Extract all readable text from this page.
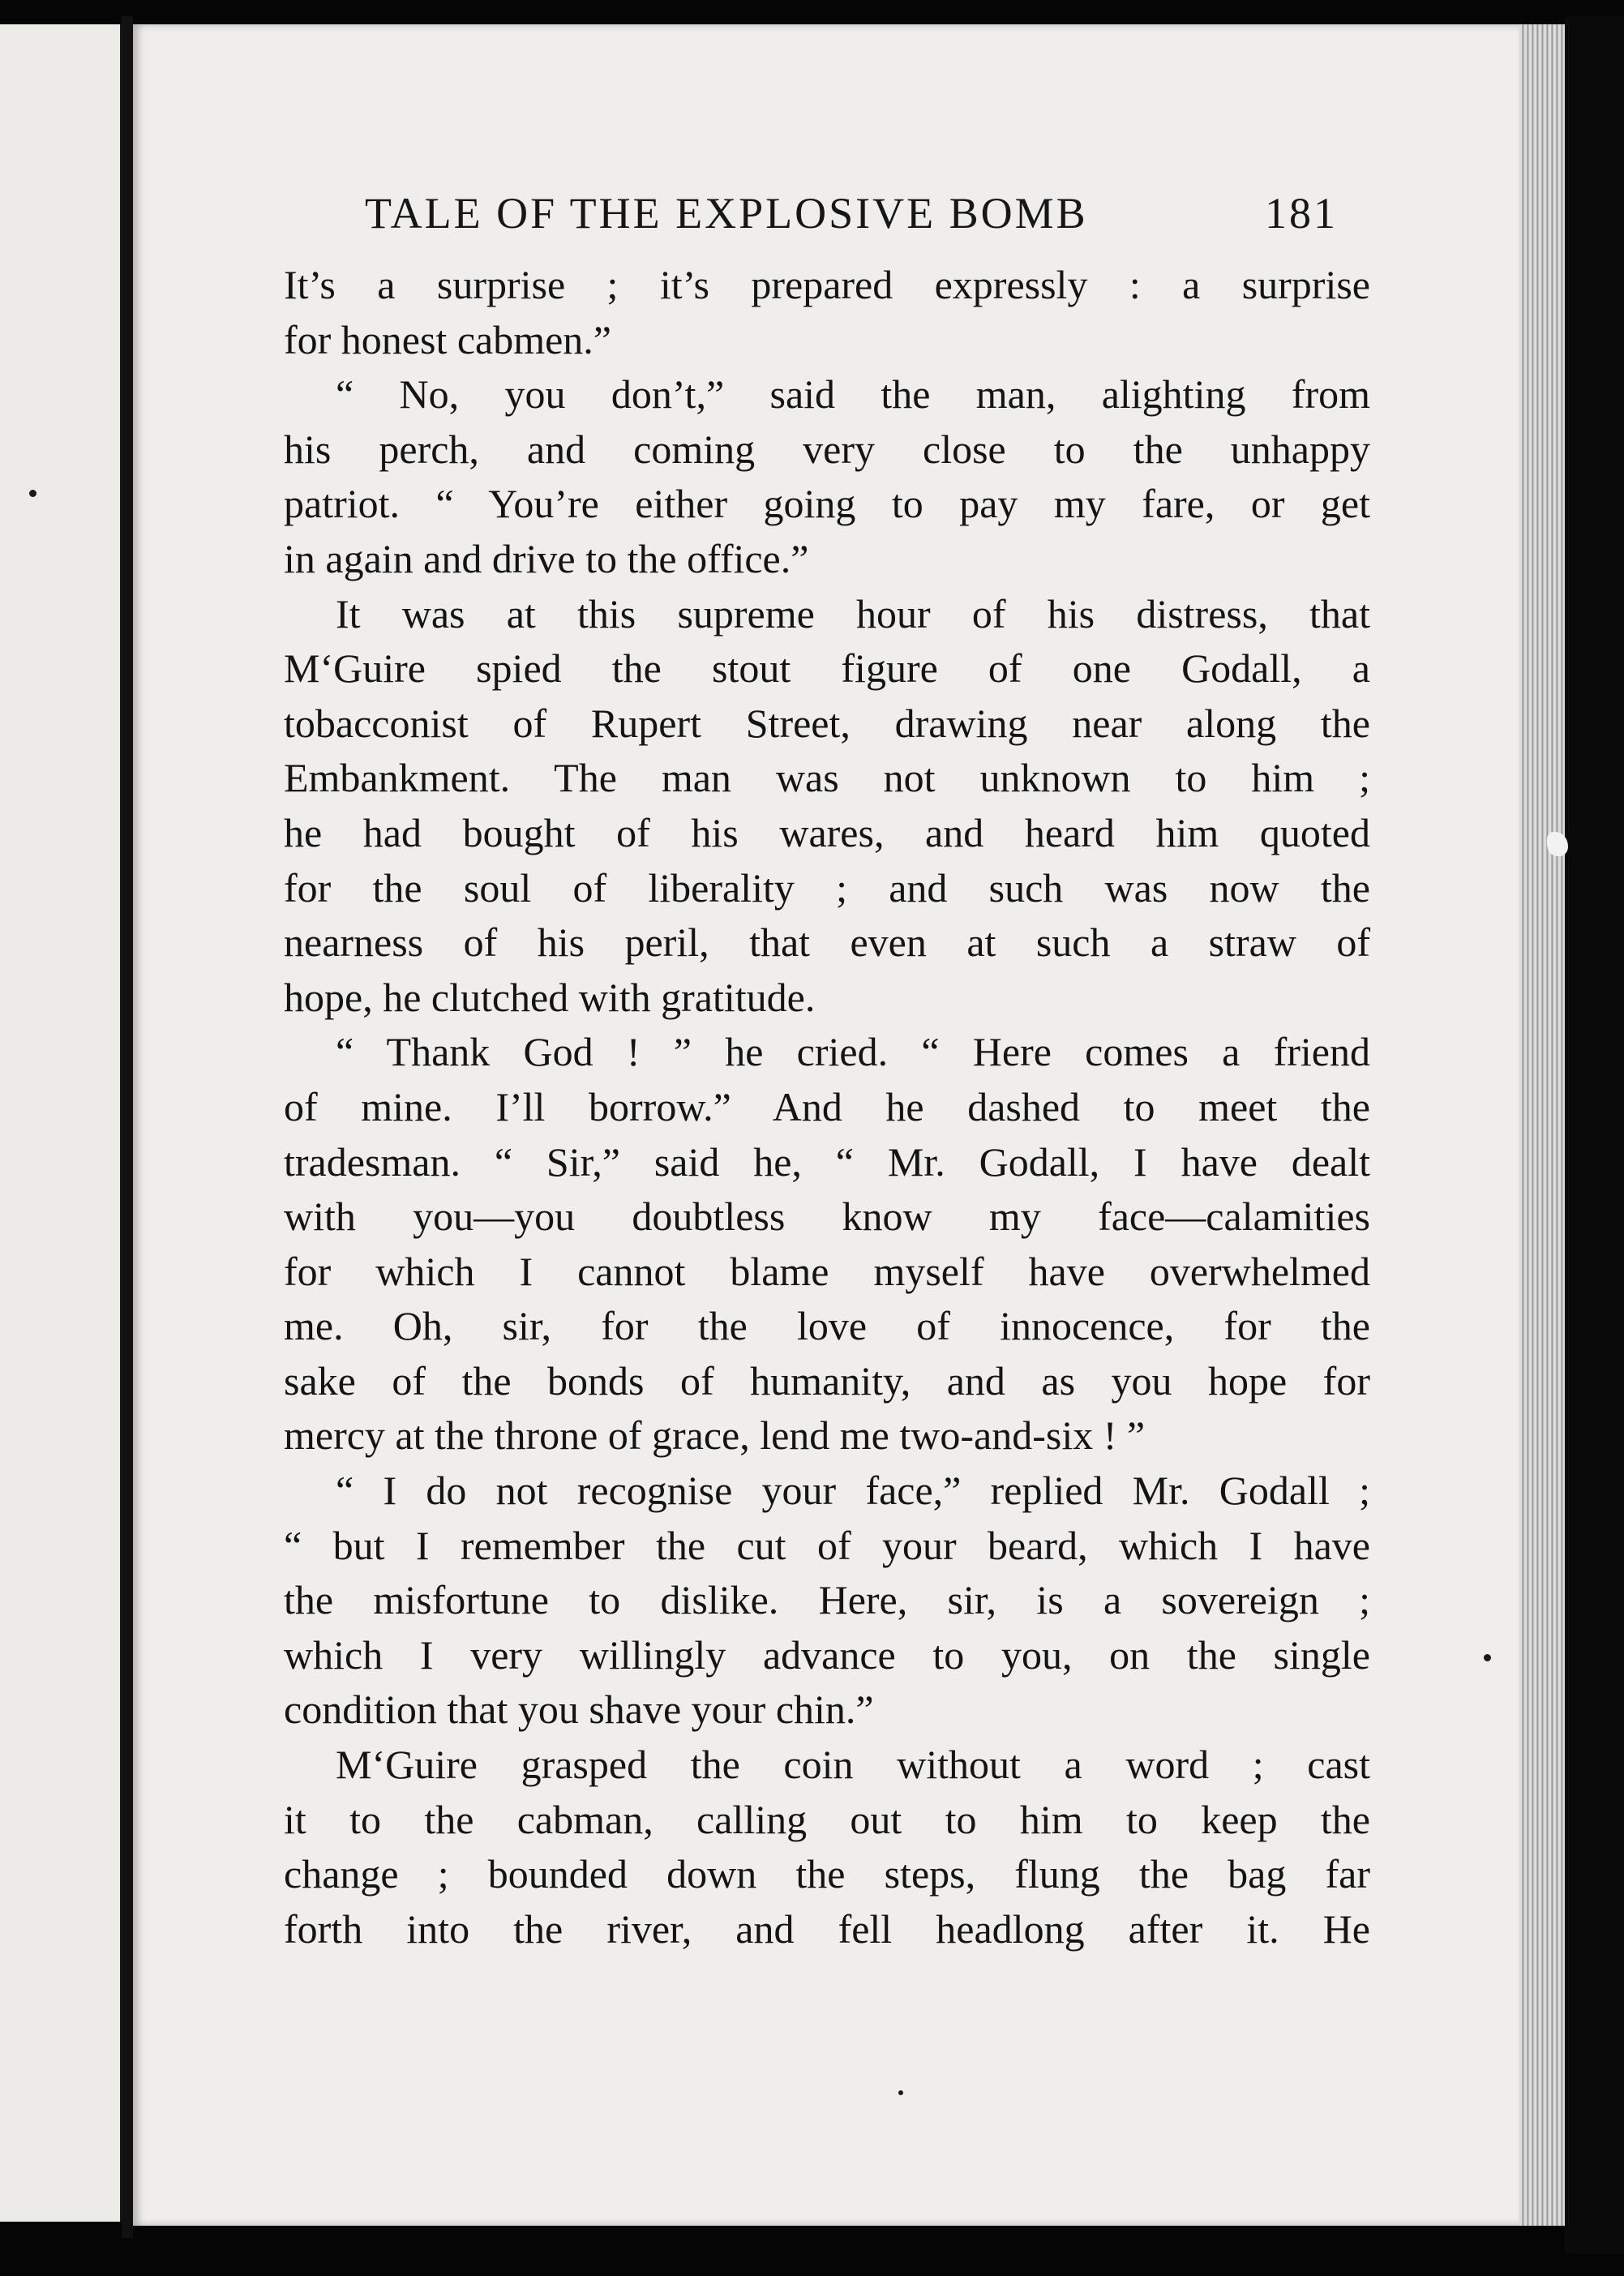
TALE OF THE EXPLOSIVE BOMB	181
It’s a surprise ; it’s prepared expressly : a surprise
for honest cabmen.”
“ No, you don’t,” said the man, alighting from
his perch, and coming very close to the unhappy
patriot. “ You’re either going to pay my fare, or get
in again and drive to the office.”
It was at this supreme hour of his distress, that
M‘Guire spied the stout figure of one Godall, a
tobacconist of Rupert Street, drawing near along the
Embankment. The man was not unknown to him ;
he had bought of his wares, and heard him quoted
for the soul of liberality ; and such was now the
nearness of his peril, that even at such a straw of
hope, he clutched with gratitude.
“ Thank God ! ” he cried. “ Here comes a friend
of mine. I’ll borrow.” And he dashed to meet the
tradesman. “ Sir,” said he, “ Mr. Godall, I have dealt
with you—you doubtless know my face—calamities
for which I cannot blame myself have overwhelmed
me. Oh, sir, for the love of innocence, for the
sake of the bonds of humanity, and as you hope for
mercy at the throne of grace, lend me two-and-six ! ”
“ I do not recognise your face,” replied Mr. Godall ;
“ but I remember the cut of your beard, which I have
the misfortune to dislike. Here, sir, is a sovereign ;
which I very willingly advance to you, on the single
condition that you shave your chin.”
M‘Guire grasped the coin without a word ; cast
it to the cabman, calling out to him to keep the
change ; bounded down the steps, flung the bag far
forth into the river, and fell headlong after it. He
